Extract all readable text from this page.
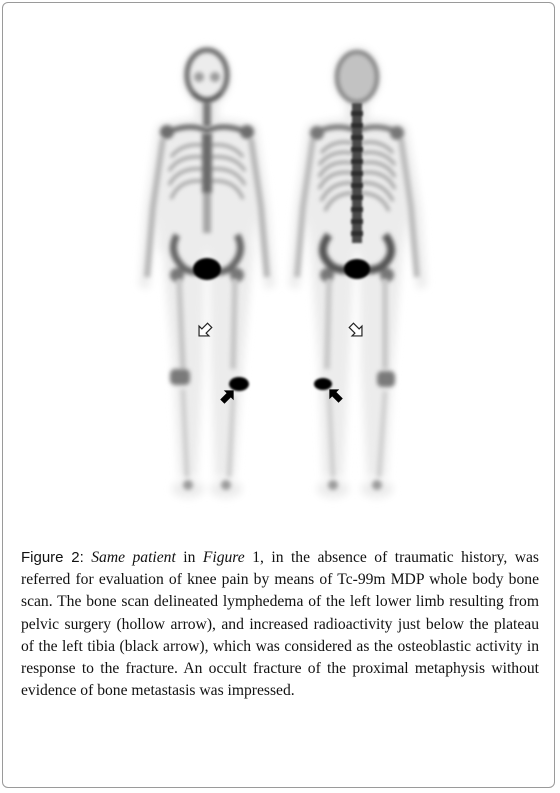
Figure 2: Same patient in Figure 1, in the absence of traumatic history, was referred for evaluation of knee pain by means of Tc-99m MDP whole body bone scan. The bone scan delineated lymphedema of the left lower limb resulting from pelvic surgery (hollow arrow), and increased radioactivity just below the plateau of the left tibia (black arrow), which was considered as the osteoblastic activity in response to the fracture. An occult fracture of the proximal metaphysis without evidence of bone metastasis was impressed.
